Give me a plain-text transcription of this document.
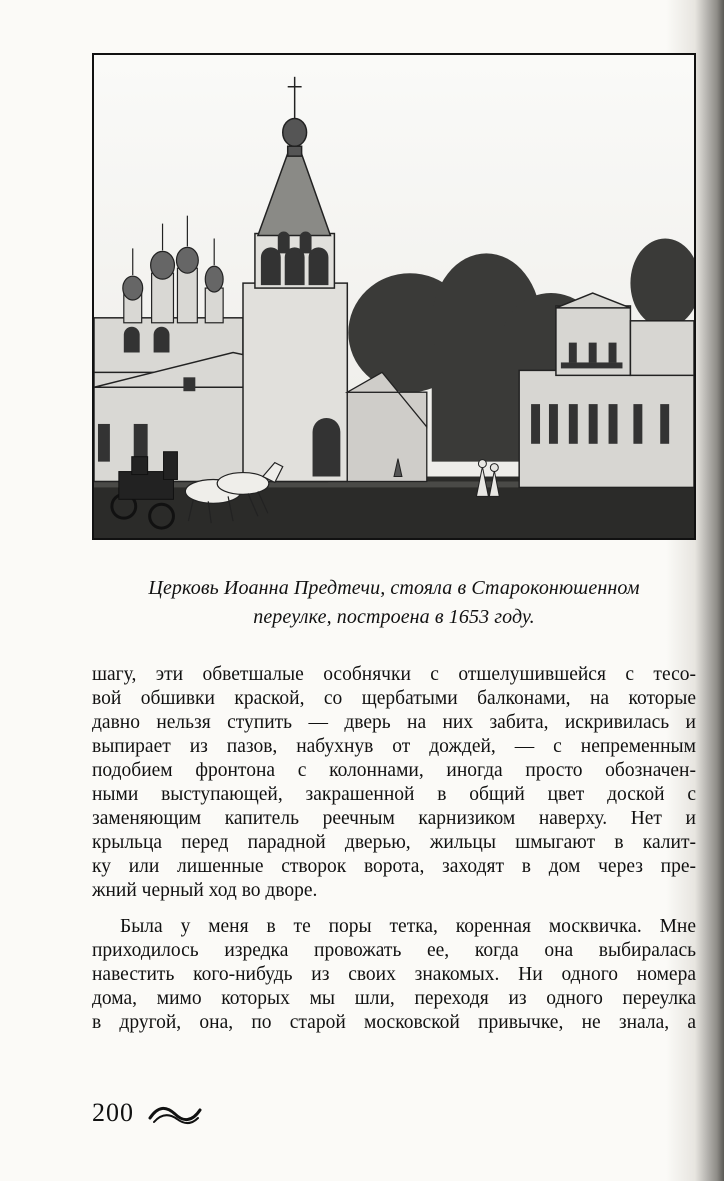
Церковь Иоанна Предтечи, стояла в Староконюшенном
переулке, построена в 1653 году.
шагу, эти обветшалые особнячки с отшелушившейся с тесо-
вой обшивки краской, со щербатыми балконами, на которые
давно нельзя ступить — дверь на них забита, искривилась и
выпирает из пазов, набухнув от дождей, — с непременным
подобием фронтона с колоннами, иногда просто обозначен-
ными выступающей, закрашенной в общий цвет доской с
заменяющим капитель реечным карнизиком наверху. Нет и
крыльца перед парадной дверью, жильцы шмыгают в калит-
ку или лишенные створок ворота, заходят в дом через пре-
жний черный ход во дворе.
Была у меня в те поры тетка, коренная москвичка. Мне
приходилось изредка провожать ее, когда она выбиралась
навестить кого-нибудь из своих знакомых. Ни одного номера
дома, мимо которых мы шли, переходя из одного переулка
в другой, она, по старой московской привычке, не знала, а
200
